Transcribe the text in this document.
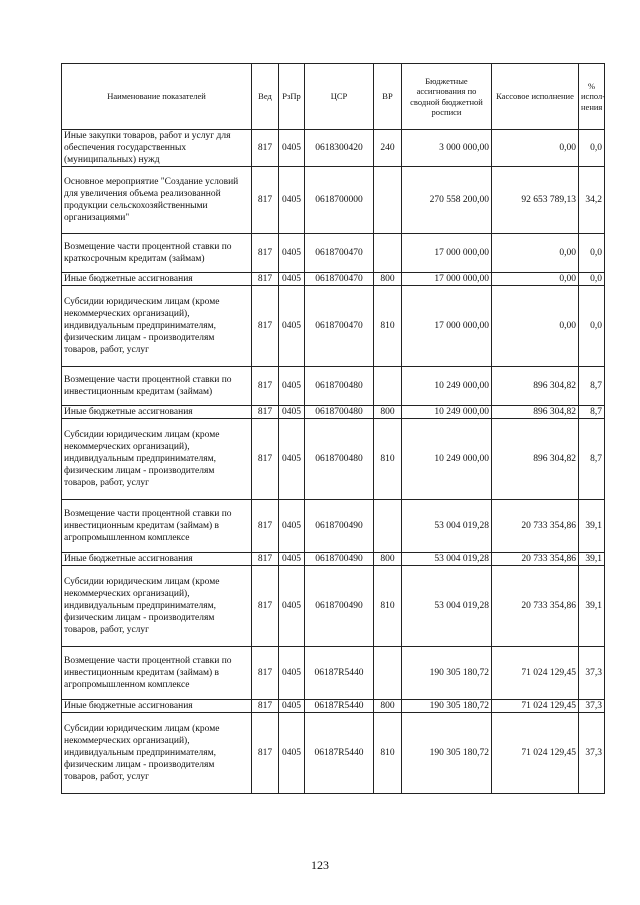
Наименование показателей	Вед	РзПр	ЦСР	ВР	Бюджетные ассигнования по сводной бюджетной росписи	Кассовое исполнение	% испол-нения
Иные закупки товаров, работ и услуг для обеспечения государственных (муниципальных) нужд	817	0405	0618300420	240	3 000 000,00	0,00	0,0
Основное мероприятие "Создание условий для увеличения объема реализованной продукции сельскохозяйственными организациями"	817	0405	0618700000		270 558 200,00	92 653 789,13	34,2
Возмещение части процентной ставки по краткосрочным кредитам (займам)	817	0405	0618700470		17 000 000,00	0,00	0,0
Иные бюджетные ассигнования	817	0405	0618700470	800	17 000 000,00	0,00	0,0
Субсидии юридическим лицам (кроме некоммерческих организаций), индивидуальным предпринимателям, физическим лицам - производителям товаров, работ, услуг	817	0405	0618700470	810	17 000 000,00	0,00	0,0
Возмещение части процентной ставки по инвестиционным кредитам (займам)	817	0405	0618700480		10 249 000,00	896 304,82	8,7
Иные бюджетные ассигнования	817	0405	0618700480	800	10 249 000,00	896 304,82	8,7
Субсидии юридическим лицам (кроме некоммерческих организаций), индивидуальным предпринимателям, физическим лицам - производителям товаров, работ, услуг	817	0405	0618700480	810	10 249 000,00	896 304,82	8,7
Возмещение части процентной ставки по инвестиционным кредитам (займам) в агропромышленном комплексе	817	0405	0618700490		53 004 019,28	20 733 354,86	39,1
Иные бюджетные ассигнования	817	0405	0618700490	800	53 004 019,28	20 733 354,86	39,1
Субсидии юридическим лицам (кроме некоммерческих организаций), индивидуальным предпринимателям, физическим лицам - производителям товаров, работ, услуг	817	0405	0618700490	810	53 004 019,28	20 733 354,86	39,1
Возмещение части процентной ставки по инвестиционным кредитам (займам) в агропромышленном комплексе	817	0405	06187R5440		190 305 180,72	71 024 129,45	37,3
Иные бюджетные ассигнования	817	0405	06187R5440	800	190 305 180,72	71 024 129,45	37,3
Субсидии юридическим лицам (кроме некоммерческих организаций), индивидуальным предпринимателям, физическим лицам - производителям товаров, работ, услуг	817	0405	06187R5440	810	190 305 180,72	71 024 129,45	37,3
123
